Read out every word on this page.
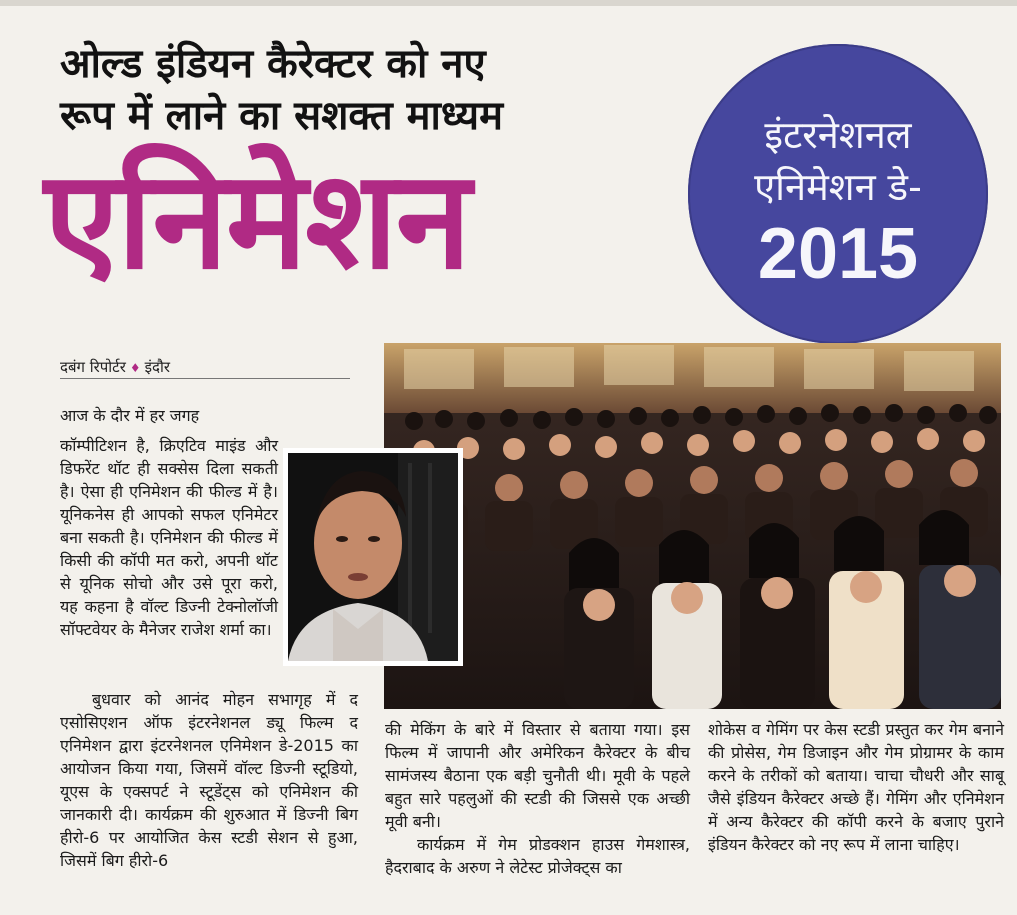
ओल्ड इंडियन कैरेक्टर को नए
रूप में लाने का सशक्त माध्यम
एनिमेशन
इंटरनेशनल
एनिमेशन डे-
2015
दबंग रिपोर्टर ♦ इंदौर

आज के दौर में हर जगह

कॉम्पीटिशन है, क्रिएटिव माइंड और डिफरेंट थॉट ही सक्सेस दिला सकती है। ऐसा ही एनिमेशन की फील्ड में है। यूनिकनेस ही आपको सफल एनिमेटर बना सकती है। एनिमेशन की फील्ड में किसी की कॉपी मत करो, अपनी थॉट से यूनिक सोचो और उसे पूरा करो, यह कहना है वॉल्ट डिज्नी टेक्नोलॉजी सॉफ्टवेयर के मैनेजर राजेश शर्मा का।

बुधवार को आनंद मोहन सभागृह में द एसोसिएशन ऑफ इंटरनेशनल ड्यू फिल्म द एनिमेशन द्वारा इंटरनेशनल एनिमेशन डे-2015 का आयोजन किया गया, जिसमें वॉल्ट डिज्नी स्टूडियो, यूएस के एक्सपर्ट ने स्टूडेंट्स को एनिमेशन की जानकारी दी। कार्यक्रम की शुरुआत में डिज्नी बिग हीरो-6 पर आयोजित केस स्टडी सेशन से हुआ, जिसमें बिग हीरो-6

की मेकिंग के बारे में विस्तार से बताया गया। इस फिल्म में जापानी और अमेरिकन कैरेक्टर के बीच सामंजस्य बैठाना एक बड़ी चुनौती थी। मूवी के पहले बहुत सारे पहलुओं की स्टडी की जिससे एक अच्छी मूवी बनी।

कार्यक्रम में गेम प्रोडक्शन हाउस गेमशास्त्र, हैदराबाद के अरुण ने लेटेस्ट प्रोजेक्ट्स का

शोकेस व गेमिंग पर केस स्टडी प्रस्तुत कर गेम बनाने की प्रोसेस, गेम डिजाइन और गेम प्रोग्रामर के काम करने के तरीकों को बताया। चाचा चौधरी और साबू जैसे इंडियन कैरेक्टर अच्छे हैं। गेमिंग और एनिमेशन में अन्य कैरेक्टर की कॉपी करने के बजाए पुराने इंडियन कैरेक्टर को नए रूप में लाना चाहिए।
